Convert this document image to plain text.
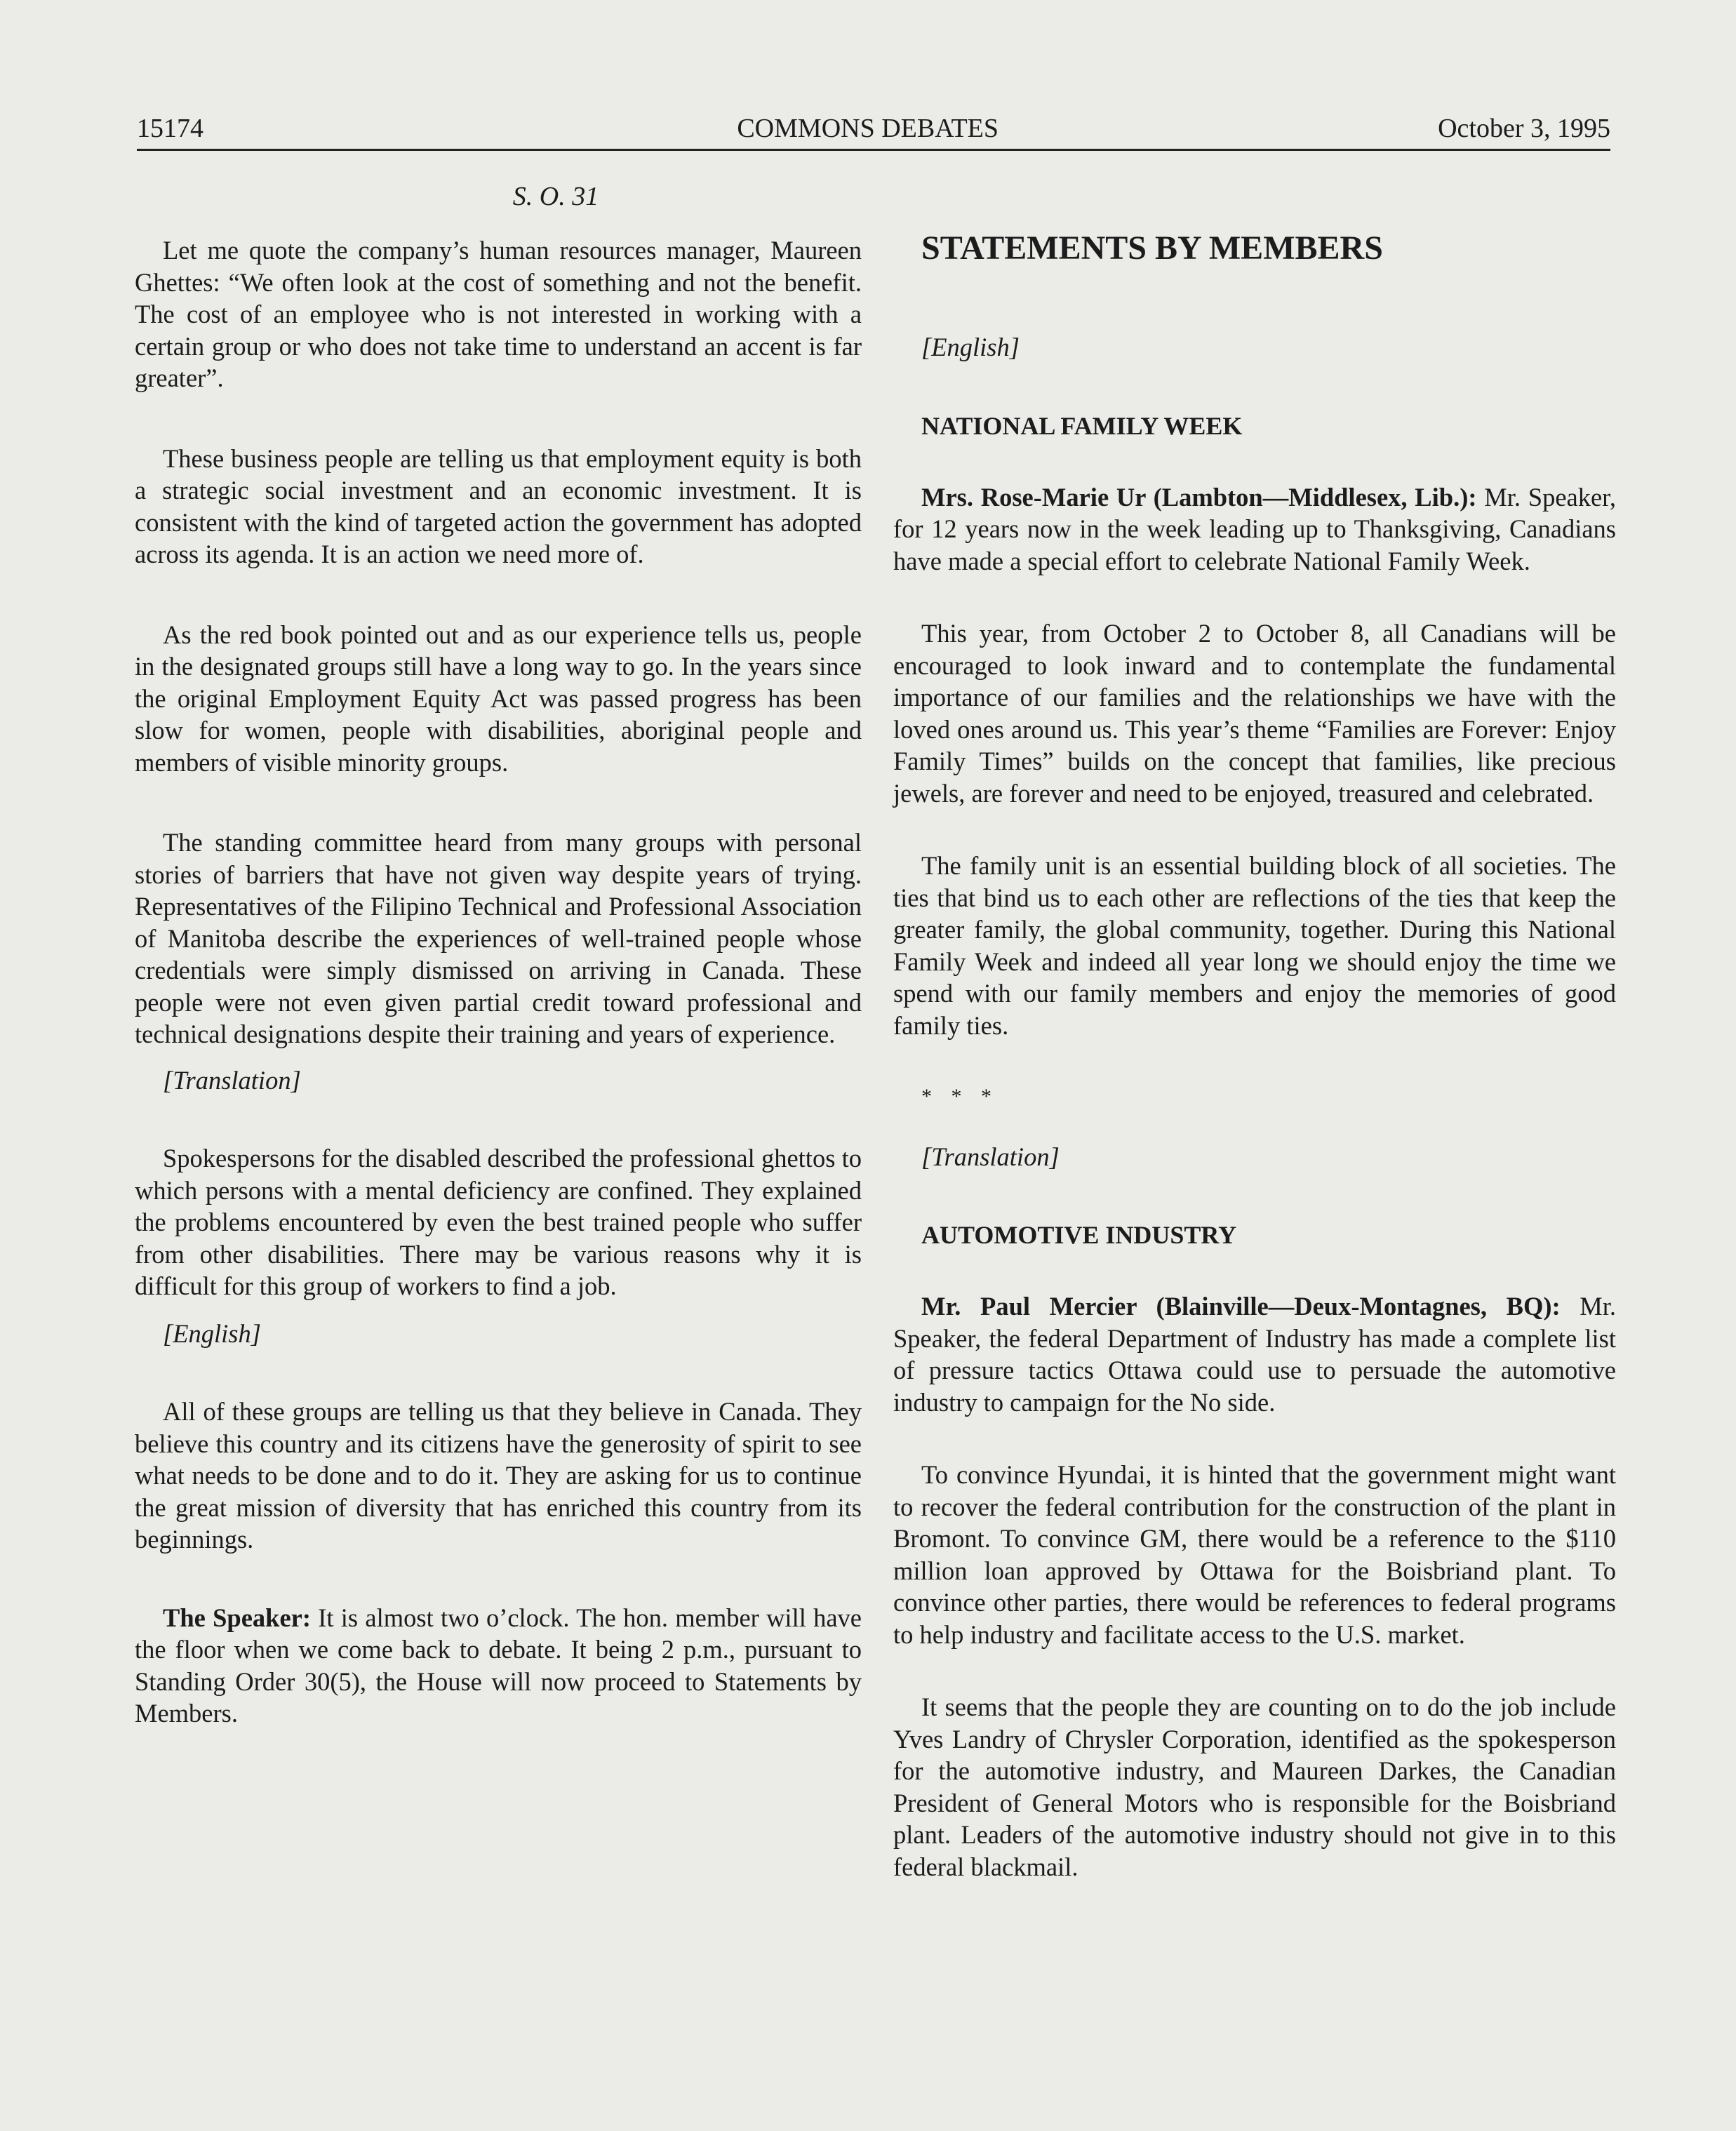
15174	COMMONS DEBATES	October 3, 1995
S. O. 31

Let me quote the company’s human resources manager, Maureen Ghettes: “We often look at the cost of something and not the benefit. The cost of an employee who is not interested in working with a certain group or who does not take time to understand an accent is far greater”.

These business people are telling us that employment equity is both a strategic social investment and an economic investment. It is consistent with the kind of targeted action the government has adopted across its agenda. It is an action we need more of.

As the red book pointed out and as our experience tells us, people in the designated groups still have a long way to go. In the years since the original Employment Equity Act was passed progress has been slow for women, people with disabilities, aboriginal people and members of visible minority groups.

The standing committee heard from many groups with personal stories of barriers that have not given way despite years of trying. Representatives of the Filipino Technical and Professional Association of Manitoba describe the experiences of well-trained people whose credentials were simply dismissed on arriving in Canada. These people were not even given partial credit toward professional and technical designations despite their training and years of experience.

[Translation]

Spokespersons for the disabled described the professional ghettos to which persons with a mental deficiency are confined. They explained the problems encountered by even the best trained people who suffer from other disabilities. There may be various reasons why it is difficult for this group of workers to find a job.

[English]

All of these groups are telling us that they believe in Canada. They believe this country and its citizens have the generosity of spirit to see what needs to be done and to do it. They are asking for us to continue the great mission of diversity that has enriched this country from its beginnings.

The Speaker: It is almost two o’clock. The hon. member will have the floor when we come back to debate. It being 2 p.m., pursuant to Standing Order 30(5), the House will now proceed to Statements by Members.

STATEMENTS BY MEMBERS

[English]

NATIONAL FAMILY WEEK

Mrs. Rose-Marie Ur (Lambton—Middlesex, Lib.): Mr. Speaker, for 12 years now in the week leading up to Thanksgiving, Canadians have made a special effort to celebrate National Family Week.

This year, from October 2 to October 8, all Canadians will be encouraged to look inward and to contemplate the fundamental importance of our families and the relationships we have with the loved ones around us. This year’s theme “Families are Forever: Enjoy Family Times” builds on the concept that families, like precious jewels, are forever and need to be enjoyed, treasured and celebrated.

The family unit is an essential building block of all societies. The ties that bind us to each other are reflections of the ties that keep the greater family, the global community, together. During this National Family Week and indeed all year long we should enjoy the time we spend with our family members and enjoy the memories of good family ties.

* * *

[Translation]

AUTOMOTIVE INDUSTRY

Mr. Paul Mercier (Blainville—Deux-Montagnes, BQ): Mr. Speaker, the federal Department of Industry has made a complete list of pressure tactics Ottawa could use to persuade the automotive industry to campaign for the No side.

To convince Hyundai, it is hinted that the government might want to recover the federal contribution for the construction of the plant in Bromont. To convince GM, there would be a reference to the $110 million loan approved by Ottawa for the Boisbriand plant. To convince other parties, there would be references to federal programs to help industry and facilitate access to the U.S. market.

It seems that the people they are counting on to do the job include Yves Landry of Chrysler Corporation, identified as the spokesperson for the automotive industry, and Maureen Darkes, the Canadian President of General Motors who is responsible for the Boisbriand plant. Leaders of the automotive industry should not give in to this federal blackmail.
